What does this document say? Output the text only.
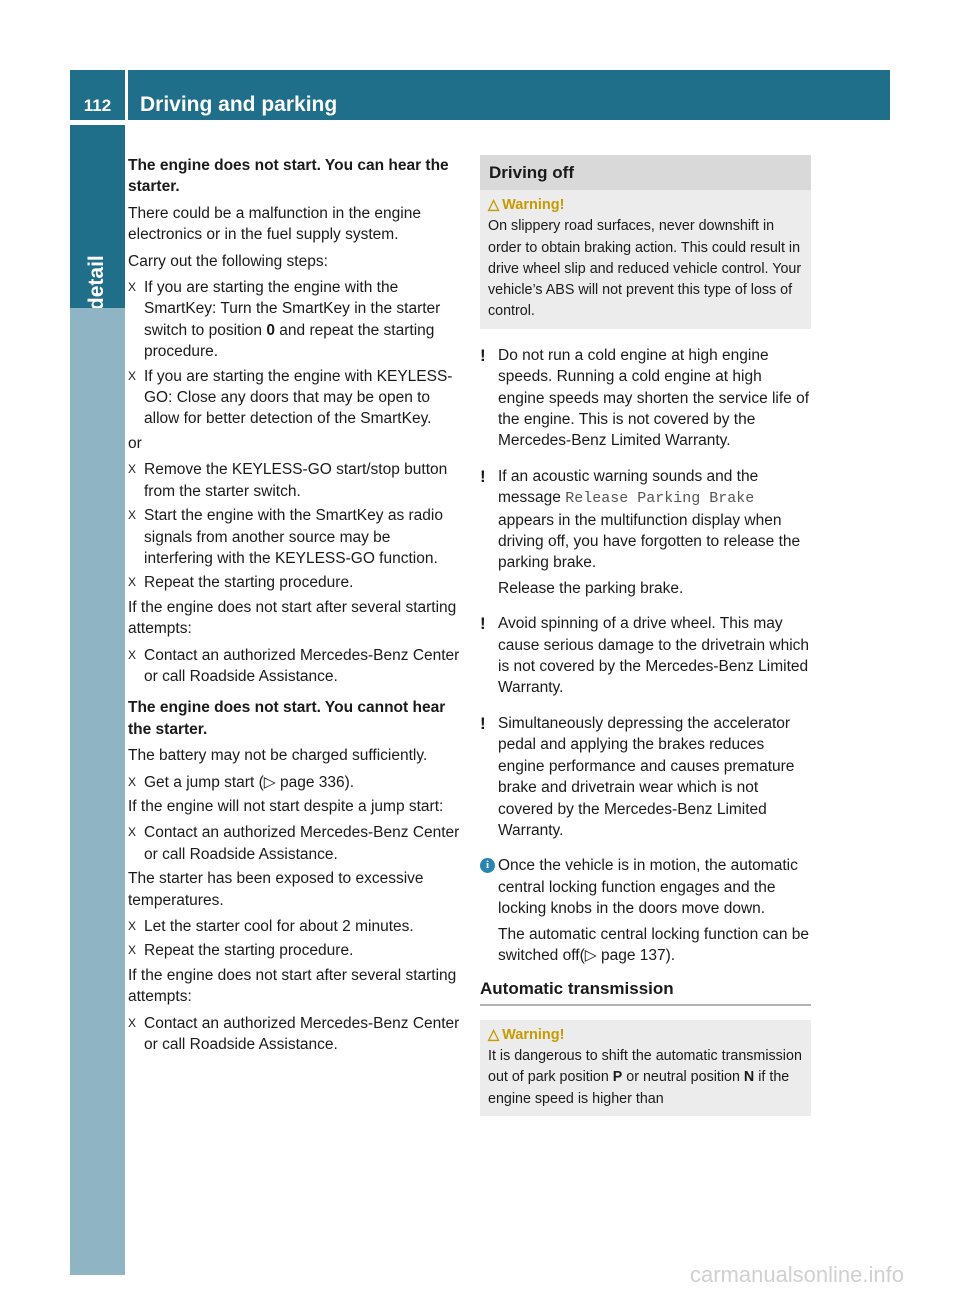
112	Driving and parking

The engine does not start. You can hear the starter.

There could be a malfunction in the engine electronics or in the fuel supply system.

Carry out the following steps:

X If you are starting the engine with the SmartKey: Turn the SmartKey in the starter switch to position 0 and repeat the starting procedure.
X If you are starting the engine with KEYLESS-GO: Close any doors that may be open to allow for better detection of the SmartKey.

or

X Remove the KEYLESS-GO start/stop button from the starter switch.
X Start the engine with the SmartKey as radio signals from another source may be interfering with the KEYLESS-GO function.
X Repeat the starting procedure.

If the engine does not start after several starting attempts:

X Contact an authorized Mercedes-Benz Center or call Roadside Assistance.

The engine does not start. You cannot hear the starter.

The battery may not be charged sufficiently.

X Get a jump start (▷ page 336).

If the engine will not start despite a jump start:

X Contact an authorized Mercedes-Benz Center or call Roadside Assistance.

The starter has been exposed to excessive temperatures.

X Let the starter cool for about 2 minutes.
X Repeat the starting procedure.

If the engine does not start after several starting attempts:

X Contact an authorized Mercedes-Benz Center or call Roadside Assistance.
Driving off
△ Warning!
On slippery road surfaces, never downshift in order to obtain braking action. This could result in drive wheel slip and reduced vehicle control. Your vehicle’s ABS will not prevent this type of loss of control.
! Do not run a cold engine at high engine speeds. Running a cold engine at high engine speeds may shorten the service life of the engine. This is not covered by the Mercedes-Benz Limited Warranty.
! If an acoustic warning sounds and the message Release Parking Brake appears in the multifunction display when driving off, you have forgotten to release the parking brake.
Release the parking brake.
! Avoid spinning of a drive wheel. This may cause serious damage to the drivetrain which is not covered by the Mercedes-Benz Limited Warranty.
! Simultaneously depressing the accelerator pedal and applying the brakes reduces engine performance and causes premature brake and drivetrain wear which is not covered by the Mercedes-Benz Limited Warranty.
i Once the vehicle is in motion, the automatic central locking function engages and the locking knobs in the doors move down.
The automatic central locking function can be switched off(▷ page 137).
Automatic transmission
△ Warning!
It is dangerous to shift the automatic transmission out of park position P or neutral position N if the engine speed is higher than
carmanualsonline.info
